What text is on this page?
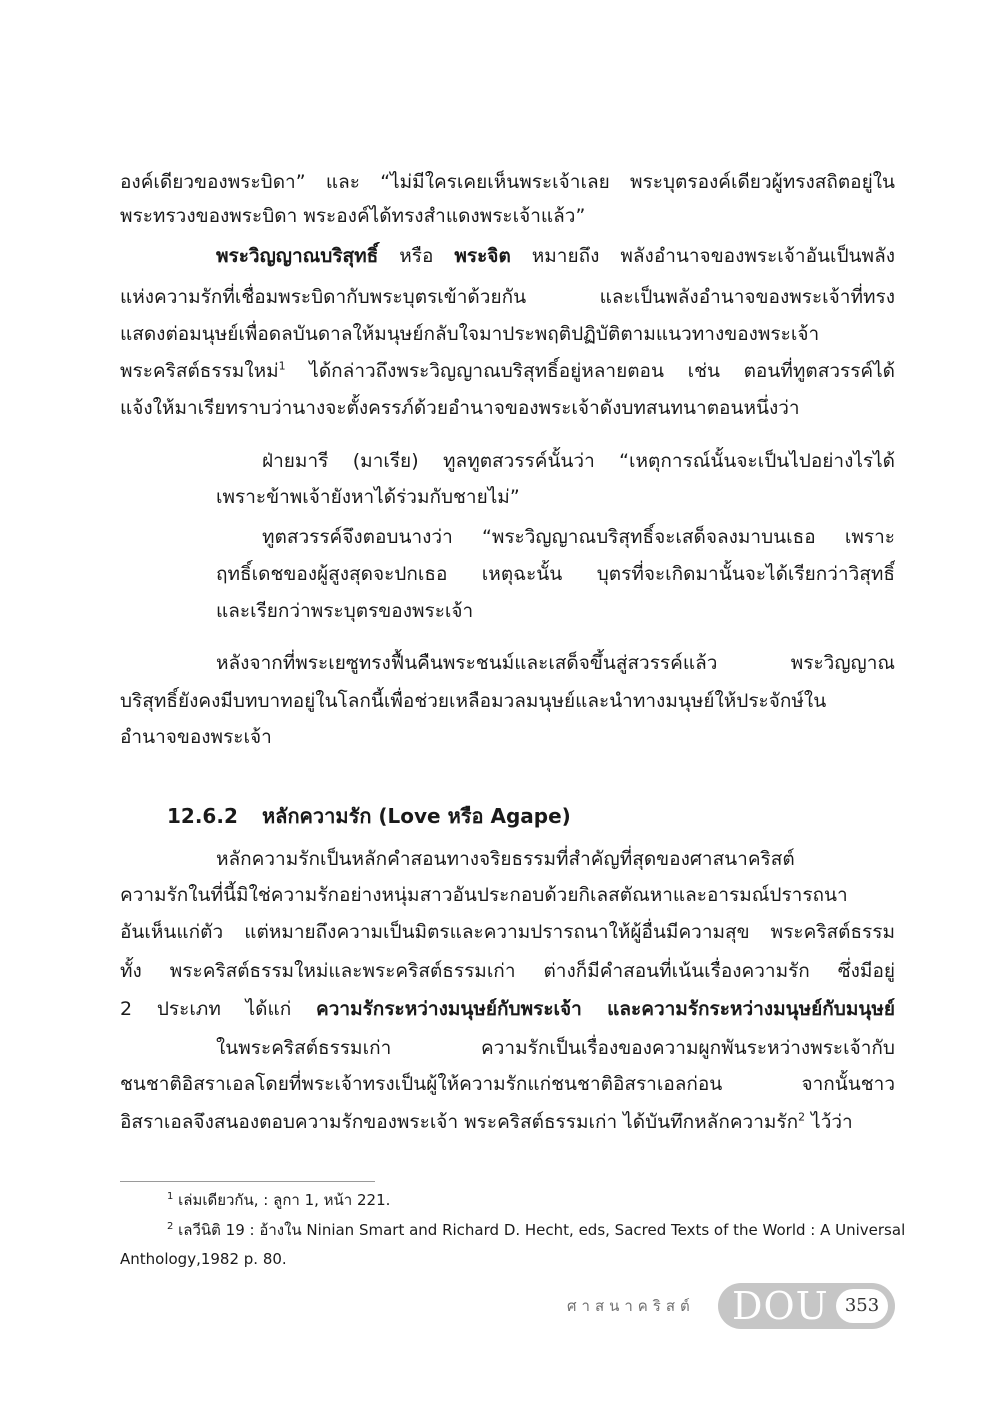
องค์เดียวของพระบิดา” และ “ไม่มีใครเคยเห็นพระเจ้าเลย พระบุตรองค์เดียวผู้ทรงสถิตอยู่ใน
พระทรวงของพระบิดา พระองค์ได้ทรงสำแดงพระเจ้าแล้ว”
พระวิญญาณบริสุทธิ์ หรือ พระจิต หมายถึง พลังอำนาจของพระเจ้าอันเป็นพลัง
แห่งความรักที่เชื่อมพระบิดากับพระบุตรเข้าด้วยกัน และเป็นพลังอำนาจของพระเจ้าที่ทรง
แสดงต่อมนุษย์เพื่อดลบันดาลให้มนุษย์กลับใจมาประพฤติปฏิบัติตามแนวทางของพระเจ้า
พระคริสต์ธรรมใหม่$^1$ ได้กล่าวถึงพระวิญญาณบริสุทธิ์อยู่หลายตอน เช่น ตอนที่ทูตสวรรค์ได้
แจ้งให้มาเรียทราบว่านางจะตั้งครรภ์ด้วยอำนาจของพระเจ้าดังบทสนทนาตอนหนึ่งว่า
ฝ่ายมารี (มาเรีย) ทูลทูตสวรรค์นั้นว่า “เหตุการณ์นั้นจะเป็นไปอย่างไรได้
เพราะข้าพเจ้ายังหาได้ร่วมกับชายไม่”
ทูตสวรรค์จึงตอบนางว่า “พระวิญญาณบริสุทธิ์จะเสด็จลงมาบนเธอ เพราะ
ฤทธิ์เดชของผู้สูงสุดจะปกเธอ เหตุฉะนั้น บุตรที่จะเกิดมานั้นจะได้เรียกว่าวิสุทธิ์
และเรียกว่าพระบุตรของพระเจ้า
หลังจากที่พระเยซูทรงฟื้นคืนพระชนม์และเสด็จขึ้นสู่สวรรค์แล้ว พระวิญญาณ
บริสุทธิ์ยังคงมีบทบาทอยู่ในโลกนี้เพื่อช่วยเหลือมวลมนุษย์และนำทางมนุษย์ให้ประจักษ์ใน
อำนาจของพระเจ้า
12.6.2 หลักความรัก (Love หรือ Agape)
หลักความรักเป็นหลักคำสอนทางจริยธรรมที่สำคัญที่สุดของศาสนาคริสต์
ความรักในที่นี้มิใช่ความรักอย่างหนุ่มสาวอันประกอบด้วยกิเลสตัณหาและอารมณ์ปรารถนา
อันเห็นแก่ตัว แต่หมายถึงความเป็นมิตรและความปรารถนาให้ผู้อื่นมีความสุข พระคริสต์ธรรม
ทั้ง พระคริสต์ธรรมใหม่และพระคริสต์ธรรมเก่า ต่างก็มีคำสอนที่เน้นเรื่องความรัก ซึ่งมีอยู่
2 ประเภท ได้แก่ ความรักระหว่างมนุษย์กับพระเจ้า และความรักระหว่างมนุษย์กับมนุษย์
ในพระคริสต์ธรรมเก่า ความรักเป็นเรื่องของความผูกพันระหว่างพระเจ้ากับ
ชนชาติอิสราเอลโดยที่พระเจ้าทรงเป็นผู้ให้ความรักแก่ชนชาติอิสราเอลก่อน จากนั้นชาว
อิสราเอลจึงสนองตอบความรักของพระเจ้า พระคริสต์ธรรมเก่า ได้บันทึกหลักความรัก$^2$ ไว้ว่า
$^1$ เล่มเดียวกัน, : ลูกา 1, หน้า 221.
$^2$ เลวีนิติ 19 : อ้างใน Ninian Smart and Richard D. Hecht, eds, Sacred Texts of the World : A Universal
Anthology,1982 p. 80.
ศาสนาคริสต์ DOU 353
